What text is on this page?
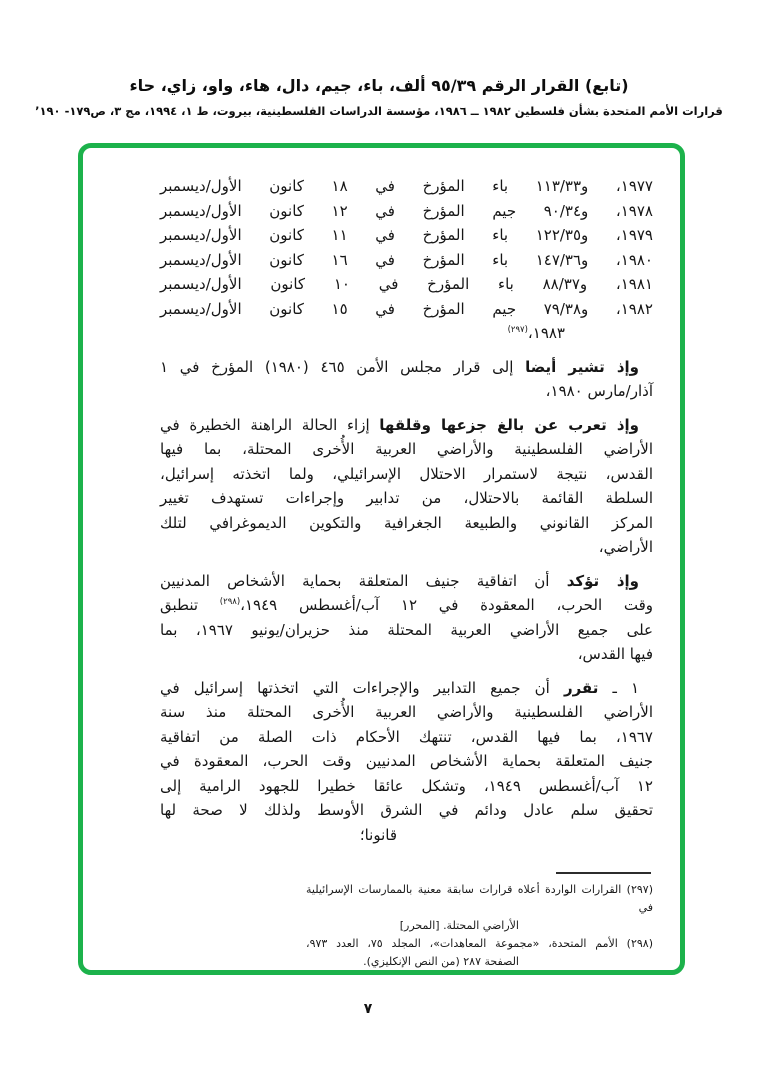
(تابع) القرار الرقم ٩٥/٣٩ ألف، باء، جيم، دال، هاء، واو، زاي، حاء
قرارات الأمم المتحدة بشأن فلسطين ١٩٨٢ ــ ١٩٨٦، مؤسسة الدراسات الفلسطينية، بيروت، ط ١، ١٩٩٤، مج ٣، ص١٧٩- ١٩٠’
١٩٧٧، و١١٣/٣٣ باء المؤرخ في ١٨ كانون الأول/ديسمبر
١٩٧٨، و٩٠/٣٤ جيم المؤرخ في ١٢ كانون الأول/ديسمبر
١٩٧٩، و١٢٢/٣٥ باء المؤرخ في ١١ كانون الأول/ديسمبر
١٩٨٠، و١٤٧/٣٦ باء المؤرخ في ١٦ كانون الأول/ديسمبر
١٩٨١، و٨٨/٣٧ باء المؤرخ في ١٠ كانون الأول/ديسمبر
١٩٨٢، و٧٩/٣٨ جيم المؤرخ في ١٥ كانون الأول/ديسمبر
١٩٨٣،$^{(٢٩٧)}$
وإذ تشير أيضا إلى قرار مجلس الأمن ٤٦٥ (١٩٨٠) المؤرخ في ١
آذار/مارس ١٩٨٠،
وإذ تعرب عن بالغ جزعها وقلقها إزاء الحالة الراهنة الخطيرة في
الأراضي الفلسطينية والأراضي العربية الأُخرى المحتلة، بما فيها
القدس، نتيجة لاستمرار الاحتلال الإسرائيلي، ولما اتخذته إسرائيل،
السلطة القائمة بالاحتلال، من تدابير وإجراءات تستهدف تغيير
المركز القانوني والطبيعة الجغرافية والتكوين الديموغرافي لتلك
الأراضي،
وإذ تؤكد أن اتفاقية جنيف المتعلقة بحماية الأشخاص المدنيين
وقت الحرب، المعقودة في ١٢ آب/أغسطس ١٩٤٩،$^{(٢٩٨)}$ تنطبق
على جميع الأراضي العربية المحتلة منذ حزيران/يونيو ١٩٦٧، بما
فيها القدس،
١ ـ تقرر أن جميع التدابير والإجراءات التي اتخذتها إسرائيل في
الأراضي الفلسطينية والأراضي العربية الأُخرى المحتلة منذ سنة
١٩٦٧، بما فيها القدس، تنتهك الأحكام ذات الصلة من اتفاقية
جنيف المتعلقة بحماية الأشخاص المدنيين وقت الحرب، المعقودة في
١٢ آب/أغسطس ١٩٤٩، وتشكل عائقا خطيرا للجهود الرامية إلى
تحقيق سلم عادل ودائم في الشرق الأوسط ولذلك لا صحة لها
قانونا؛
(٢٩٧) القرارات الواردة أعلاه قرارات سابقة معنية بالممارسات الإسرائيلية في
الأراضي المحتلة. [المحرر]
(٢٩٨) الأمم المتحدة، «مجموعة المعاهدات»، المجلد ٧٥، العدد ٩٧٣،
الصفحة ٢٨٧ (من النص الإنكليزي).
٧
